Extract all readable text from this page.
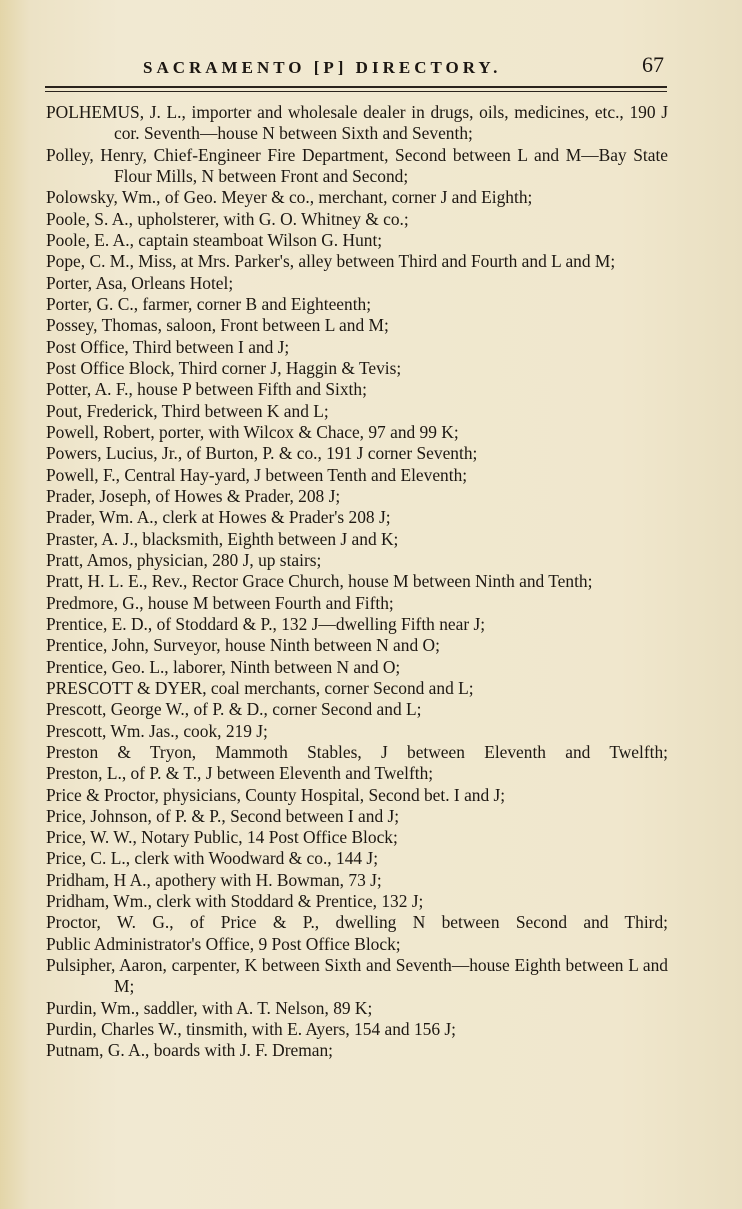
SACRAMENTO [P] DIRECTORY.	67

POLHEMUS, J. L., importer and wholesale dealer in drugs, oils, medicines, etc., 190 J cor. Seventh—house N between Sixth and Seventh;

Polley, Henry, Chief-Engineer Fire Department, Second between L and M—Bay State Flour Mills, N between Front and Second;

Polowsky, Wm., of Geo. Meyer & co., merchant, corner J and Eighth;

Poole, S. A., upholsterer, with G. O. Whitney & co.;

Poole, E. A., captain steamboat Wilson G. Hunt;

Pope, C. M., Miss, at Mrs. Parker's, alley between Third and Fourth and L and M;

Porter, Asa, Orleans Hotel;

Porter, G. C., farmer, corner B and Eighteenth;

Possey, Thomas, saloon, Front between L and M;

Post Office, Third between I and J;

Post Office Block, Third corner J, Haggin & Tevis;

Potter, A. F., house P between Fifth and Sixth;

Pout, Frederick, Third between K and L;

Powell, Robert, porter, with Wilcox & Chace, 97 and 99 K;

Powers, Lucius, Jr., of Burton, P. & co., 191 J corner Seventh;

Powell, F., Central Hay-yard, J between Tenth and Eleventh;

Prader, Joseph, of Howes & Prader, 208 J;

Prader, Wm. A., clerk at Howes & Prader's 208 J;

Praster, A. J., blacksmith, Eighth between J and K;

Pratt, Amos, physician, 280 J, up stairs;

Pratt, H. L. E., Rev., Rector Grace Church, house M between Ninth and Tenth;

Predmore, G., house M between Fourth and Fifth;

Prentice, E. D., of Stoddard & P., 132 J—dwelling Fifth near J;

Prentice, John, Surveyor, house Ninth between N and O;

Prentice, Geo. L., laborer, Ninth between N and O;

PRESCOTT & DYER, coal merchants, corner Second and L;

Prescott, George W., of P. & D., corner Second and L;

Prescott, Wm. Jas., cook, 219 J;

Preston & Tryon, Mammoth Stables, J between Eleventh and Twelfth;

Preston, L., of P. & T., J between Eleventh and Twelfth;

Price & Proctor, physicians, County Hospital, Second bet. I and J;

Price, Johnson, of P. & P., Second between I and J;

Price, W. W., Notary Public, 14 Post Office Block;

Price, C. L., clerk with Woodward & co., 144 J;

Pridham, H A., apothery with H. Bowman, 73 J;

Pridham, Wm., clerk with Stoddard & Prentice, 132 J;

Proctor, W. G., of Price & P., dwelling N between Second and Third;

Public Administrator's Office, 9 Post Office Block;

Pulsipher, Aaron, carpenter, K between Sixth and Seventh—house Eighth between L and M;

Purdin, Wm., saddler, with A. T. Nelson, 89 K;

Purdin, Charles W., tinsmith, with E. Ayers, 154 and 156 J;

Putnam, G. A., boards with J. F. Dreman;
